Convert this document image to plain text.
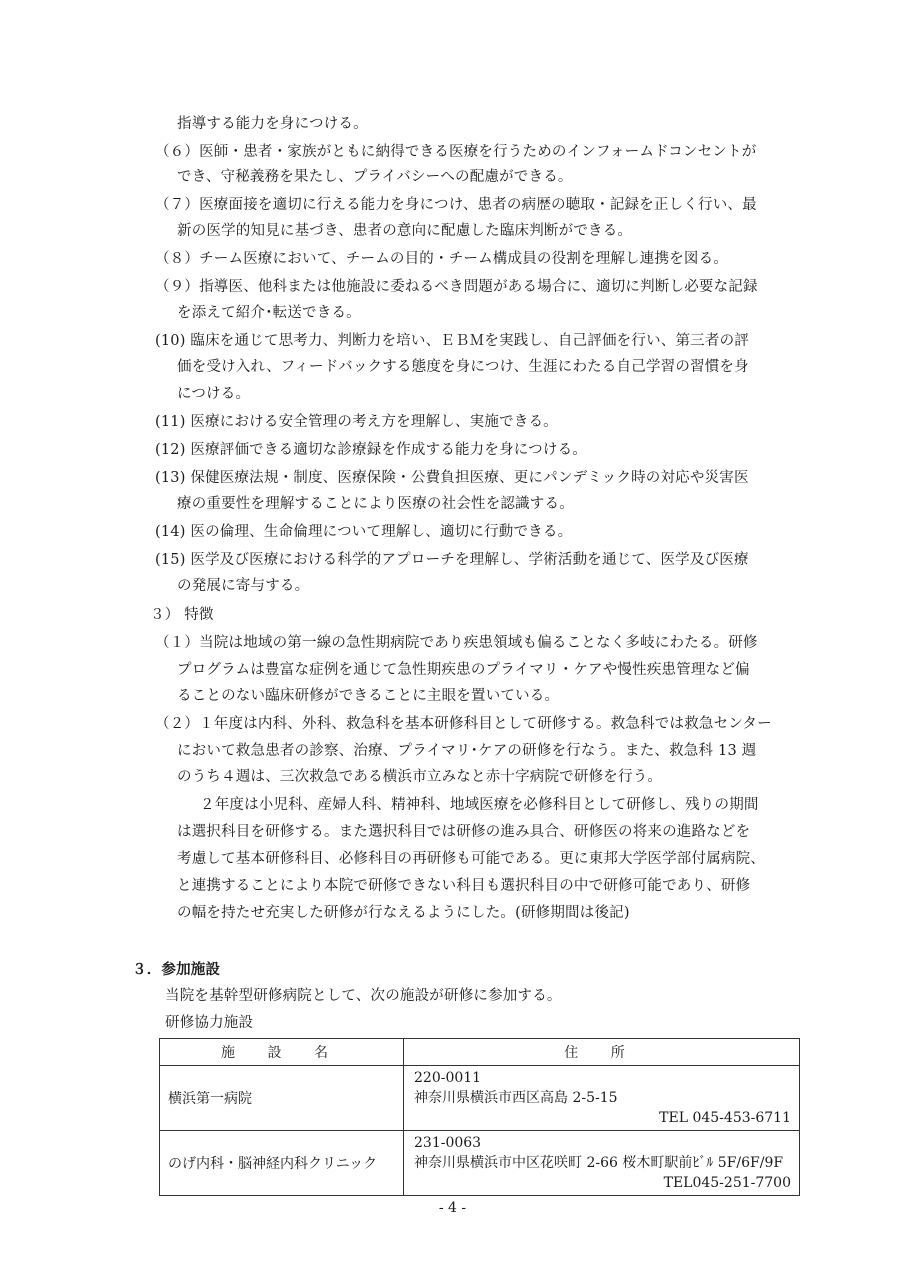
指導する能力を身につける。
（６）医師・患者・家族がともに納得できる医療を行うためのインフォームドコンセントが
でき、守秘義務を果たし、プライバシーへの配慮ができる。
（７）医療面接を適切に行える能力を身につけ、患者の病歴の聴取・記録を正しく行い、最
新の医学的知見に基づき、患者の意向に配慮した臨床判断ができる。
（８）チーム医療において、チームの目的・チーム構成員の役割を理解し連携を図る。
（９）指導医、他科または他施設に委ねるべき問題がある場合に、適切に判断し必要な記録
を添えて紹介･転送できる。
(10) 臨床を通じて思考力、判断力を培い、ＥＢＭを実践し、自己評価を行い、第三者の評
価を受け入れ、フィードバックする態度を身につけ、生涯にわたる自己学習の習慣を身
につける。
(11) 医療における安全管理の考え方を理解し、実施できる。
(12) 医療評価できる適切な診療録を作成する能力を身につける。
(13) 保健医療法規・制度、医療保険・公費負担医療、更にパンデミック時の対応や災害医
療の重要性を理解することにより医療の社会性を認識する。
(14) 医の倫理、生命倫理について理解し、適切に行動できる。
(15) 医学及び医療における科学的アプローチを理解し、学術活動を通じて、医学及び医療
の発展に寄与する。
３） 特徴
（１）当院は地域の第一線の急性期病院であり疾患領域も偏ることなく多岐にわたる。研修
プログラムは豊富な症例を通じて急性期疾患のプライマリ・ケアや慢性疾患管理など偏
ることのない臨床研修ができることに主眼を置いている。
（２）１年度は内科、外科、救急科を基本研修科目として研修する。救急科では救急センター
において救急患者の診察、治療、プライマリ･ケアの研修を行なう。また、救急科 13 週
のうち４週は、三次救急である横浜市立みなと赤十字病院で研修を行う。
２年度は小児科、産婦人科、精神科、地域医療を必修科目として研修し、残りの期間
は選択科目を研修する。また選択科目では研修の進み具合、研修医の将来の進路などを
考慮して基本研修科目、必修科目の再研修も可能である。更に東邦大学医学部付属病院、
と連携することにより本院で研修できない科目も選択科目の中で研修可能であり、研修
の幅を持たせ充実した研修が行なえるようにした。(研修期間は後記)
３．参加施設
当院を基幹型研修病院として、次の施設が研修に参加する。
研修協力施設
施 設 名	住 所
横浜第一病院	220-0011
神奈川県横浜市西区高島 2-5-15
TEL 045-453-6711

のげ内科・脳神経内科クリニック	231-0063
神奈川県横浜市中区花咲町 2-66 桜木町駅前ﾋﾞﾙ 5F/6F/9F
TEL045-251-7700
- 4 -
